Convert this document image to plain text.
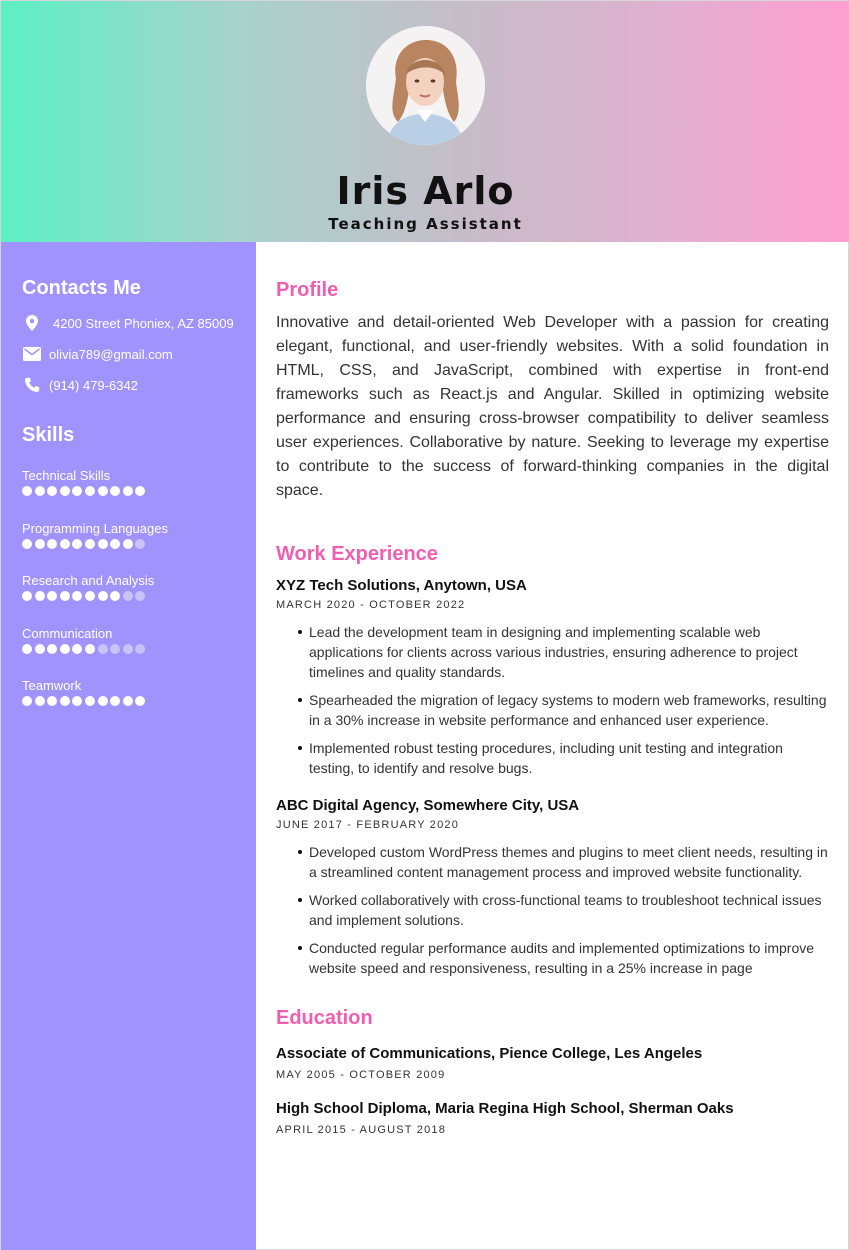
Iris Arlo
Teaching Assistant
Contacts Me
4200 Street Phoniex, AZ 85009
olivia789@gmail.com
(914) 479-6342
Skills
Technical Skills
Programming Languages
Research and Analysis
Communication
Teamwork
Profile
Innovative and detail-oriented Web Developer with a passion for creating elegant, functional, and user-friendly websites. With a solid foundation in HTML, CSS, and JavaScript, combined with expertise in front-end frameworks such as React.js and Angular. Skilled in optimizing website performance and ensuring cross-browser compatibility to deliver seamless user experiences. Collaborative by nature. Seeking to leverage my expertise to contribute to the success of forward-thinking companies in the digital space.
Work Experience
XYZ Tech Solutions, Anytown, USA
MARCH 2020 - OCTOBER 2022
Lead the development team in designing and implementing scalable web applications for clients across various industries, ensuring adherence to project timelines and quality standards.
Spearheaded the migration of legacy systems to modern web frameworks, resulting in a 30% increase in website performance and enhanced user experience.
Implemented robust testing procedures, including unit testing and integration testing, to identify and resolve bugs.
ABC Digital Agency, Somewhere City, USA
JUNE 2017 - FEBRUARY 2020
Developed custom WordPress themes and plugins to meet client needs, resulting in a streamlined content management process and improved website functionality.
Worked collaboratively with cross-functional teams to troubleshoot technical issues and implement solutions.
Conducted regular performance audits and implemented optimizations to improve website speed and responsiveness, resulting in a 25% increase in page
Education
Associate of Communications, Pience College, Les Angeles
MAY 2005 - OCTOBER 2009
High School Diploma, Maria Regina High School, Sherman Oaks
APRIL 2015 - AUGUST 2018
